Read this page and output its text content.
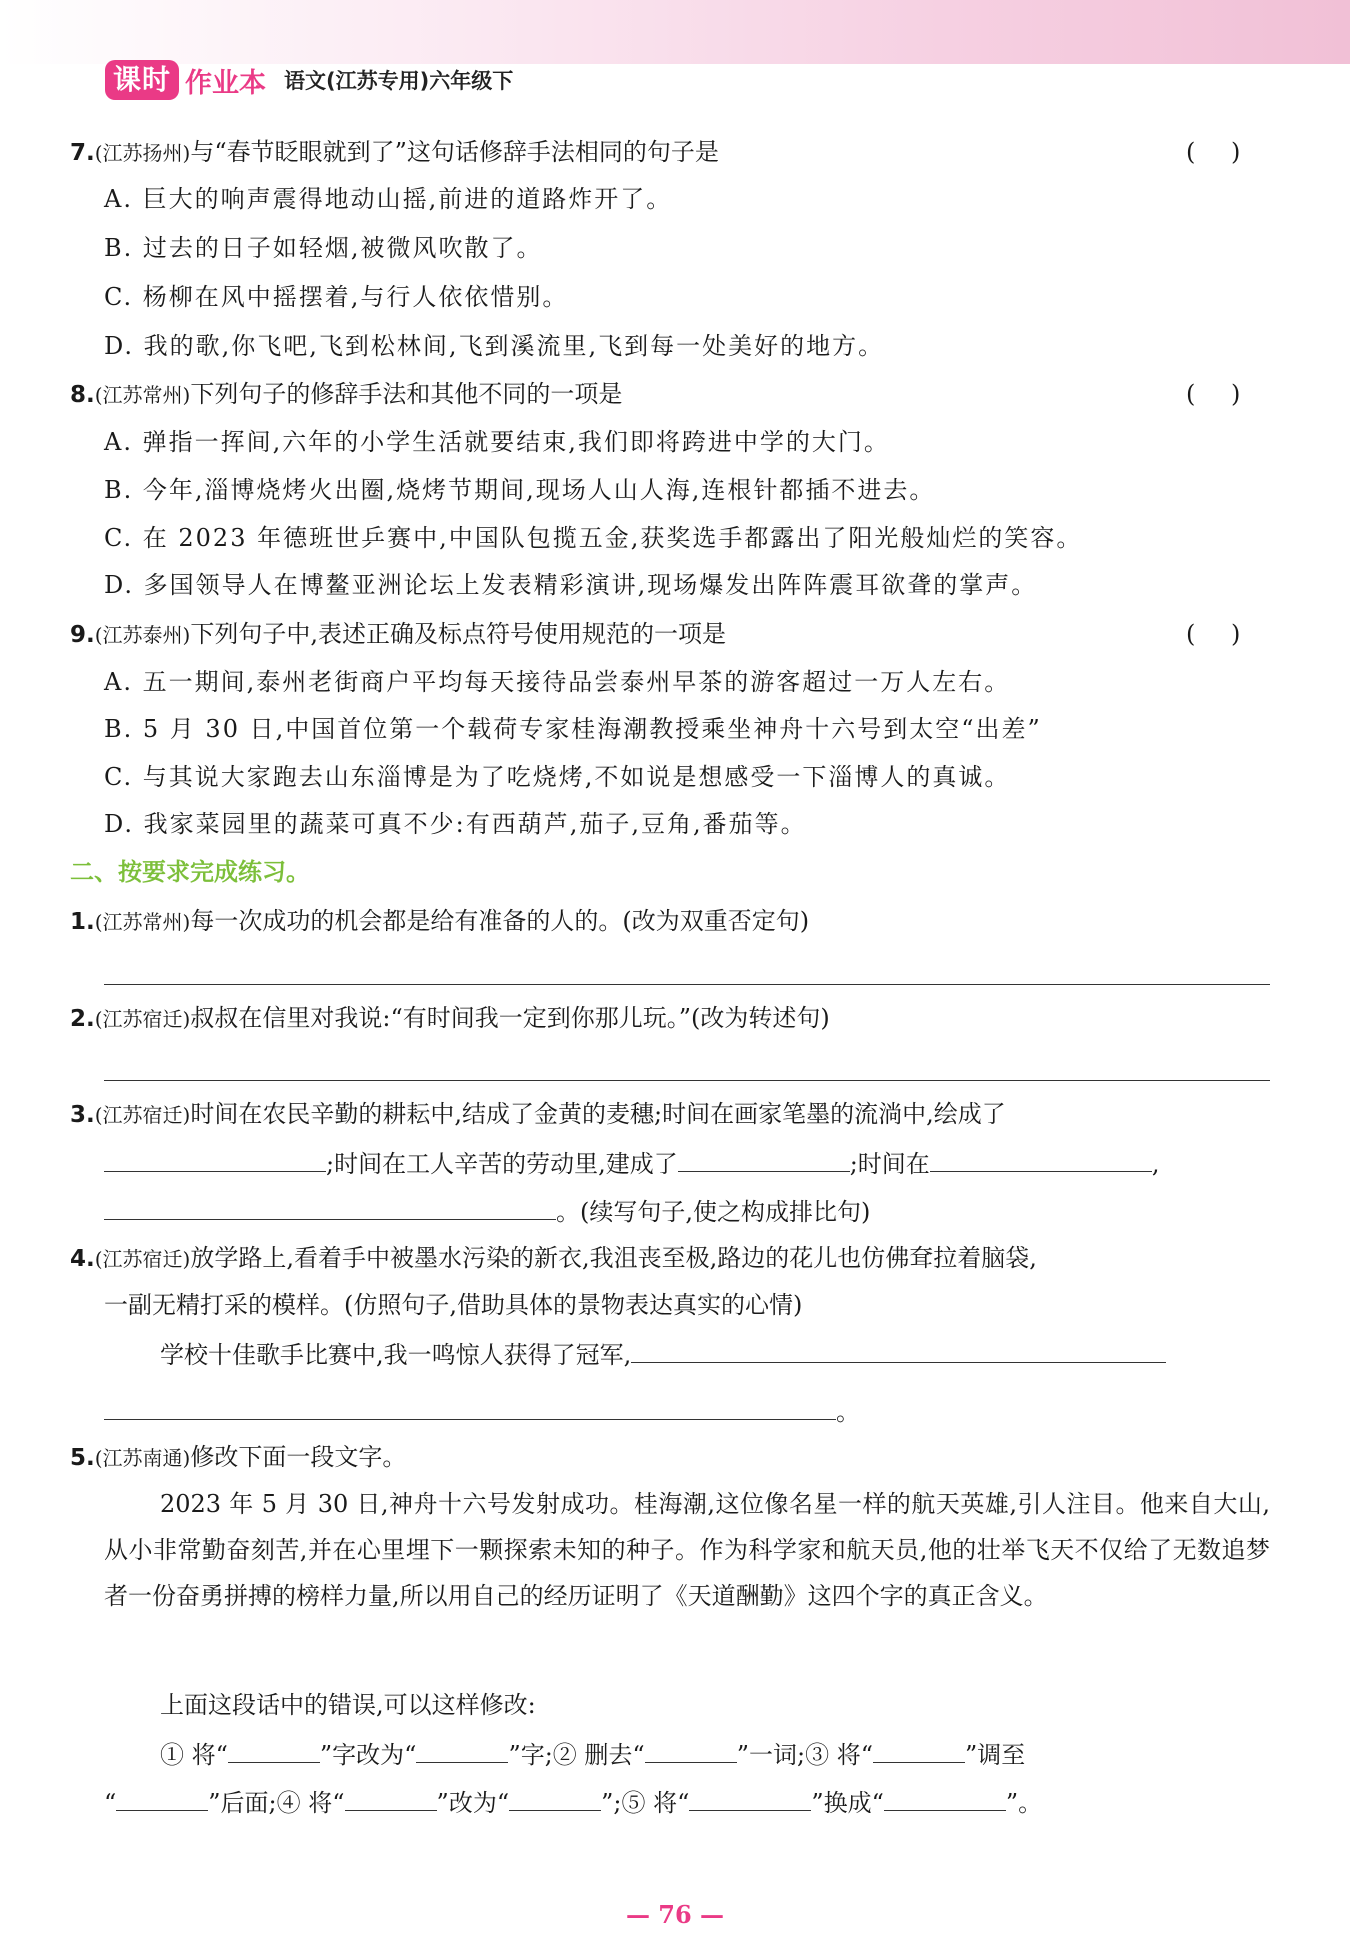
课时 作业本 语文(江苏专用)六年级下
7.(江苏扬州)与“春节眨眼就到了”这句话修辞手法相同的句子是	( )
A. 巨大的响声震得地动山摇,前进的道路炸开了。
B. 过去的日子如轻烟,被微风吹散了。
C. 杨柳在风中摇摆着,与行人依依惜别。
D. 我的歌,你飞吧,飞到松林间,飞到溪流里,飞到每一处美好的地方。
8.(江苏常州)下列句子的修辞手法和其他不同的一项是	( )
A. 弹指一挥间,六年的小学生活就要结束,我们即将跨进中学的大门。
B. 今年,淄博烧烤火出圈,烧烤节期间,现场人山人海,连根针都插不进去。
C. 在 2023 年德班世乒赛中,中国队包揽五金,获奖选手都露出了阳光般灿烂的笑容。
D. 多国领导人在博鳌亚洲论坛上发表精彩演讲,现场爆发出阵阵震耳欲聋的掌声。
9.(江苏泰州)下列句子中,表述正确及标点符号使用规范的一项是	( )
A. 五一期间,泰州老街商户平均每天接待品尝泰州早茶的游客超过一万人左右。
B. 5 月 30 日,中国首位第一个载荷专家桂海潮教授乘坐神舟十六号到太空“出差”
C. 与其说大家跑去山东淄博是为了吃烧烤,不如说是想感受一下淄博人的真诚。
D. 我家菜园里的蔬菜可真不少:有西葫芦,茄子,豆角,番茄等。
二、按要求完成练习。
1.(江苏常州)每一次成功的机会都是给有准备的人的。(改为双重否定句)
2.(江苏宿迁)叔叔在信里对我说:“有时间我一定到你那儿玩。”(改为转述句)
3.(江苏宿迁)时间在农民辛勤的耕耘中,结成了金黄的麦穗;时间在画家笔墨的流淌中,绘成了
;时间在工人辛苦的劳动里,建成了	;时间在	,
。(续写句子,使之构成排比句)
4.(江苏宿迁)放学路上,看着手中被墨水污染的新衣,我沮丧至极,路边的花儿也仿佛耷拉着脑袋,
一副无精打采的模样。(仿照句子,借助具体的景物表达真实的心情)
学校十佳歌手比赛中,我一鸣惊人获得了冠军,
。
5.(江苏南通)修改下面一段文字。
2023 年 5 月 30 日,神舟十六号发射成功。桂海潮,这位像名星一样的航天英雄,引人注目。他来自大山,从小非常勤奋刻苦,并在心里埋下一颗探索未知的种子。作为科学家和航天员,他的壮举飞天不仅给了无数追梦者一份奋勇拼搏的榜样力量,所以用自己的经历证明了《天道酬勤》这四个字的真正含义。
上面这段话中的错误,可以这样修改:
① 将“	”字改为“	”字;② 删去“	”一词;③ 将“	”调至
“	”后面;④ 将“	”改为“	”;⑤ 将“	”换成“	”。
— 76 —
